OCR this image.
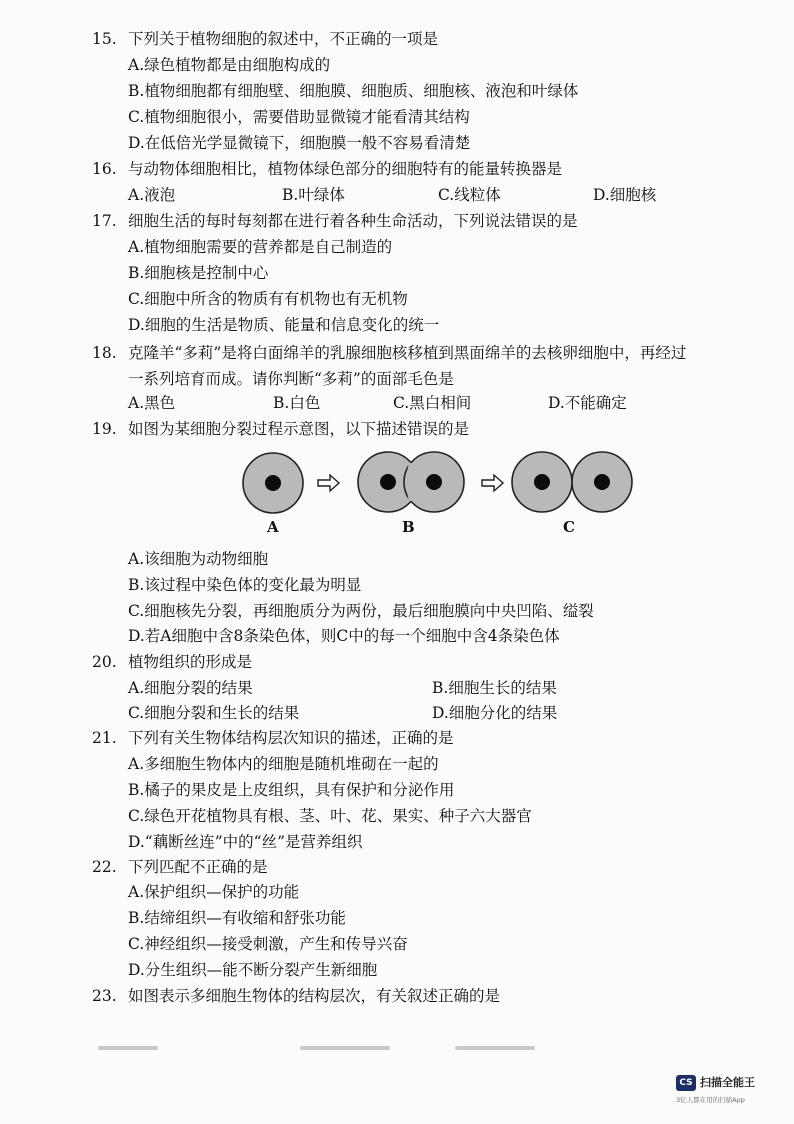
15. 下列关于植物细胞的叙述中，不正确的一项是
A.绿色植物都是由细胞构成的
B.植物细胞都有细胞壁、细胞膜、细胞质、细胞核、液泡和叶绿体
C.植物细胞很小，需要借助显微镜才能看清其结构
D.在低倍光学显微镜下，细胞膜一般不容易看清楚
16. 与动物体细胞相比，植物体绿色部分的细胞特有的能量转换器是
A.液泡	B.叶绿体	C.线粒体	D.细胞核
17. 细胞生活的每时每刻都在进行着各种生命活动，下列说法错误的是
A.植物细胞需要的营养都是自己制造的
B.细胞核是控制中心
C.细胞中所含的物质有有机物也有无机物
D.细胞的生活是物质、能量和信息变化的统一
18. 克隆羊“多莉”是将白面绵羊的乳腺细胞核移植到黑面绵羊的去核卵细胞中，再经过
一系列培育而成。请你判断“多莉”的面部毛色是
A.黑色	B.白色	C.黑白相间	D.不能确定
19. 如图为某细胞分裂过程示意图，以下描述错误的是
A	B	C
A.该细胞为动物细胞
B.该过程中染色体的变化最为明显
C.细胞核先分裂，再细胞质分为两份，最后细胞膜向中央凹陷、缢裂
D.若A细胞中含8条染色体，则C中的每一个细胞中含4条染色体
20. 植物组织的形成是
A.细胞分裂的结果	B.细胞生长的结果
C.细胞分裂和生长的结果	D.细胞分化的结果
21. 下列有关生物体结构层次知识的描述，正确的是
A.多细胞生物体内的细胞是随机堆砌在一起的
B.橘子的果皮是上皮组织，具有保护和分泌作用
C.绿色开花植物具有根、茎、叶、花、果实、种子六大器官
D.“藕断丝连”中的“丝”是营养组织
22. 下列匹配不正确的是
A.保护组织—保护的功能
B.结缔组织—有收缩和舒张功能
C.神经组织—接受刺激，产生和传导兴奋
D.分生组织—能不断分裂产生新细胞
23. 如图表示多细胞生物体的结构层次，有关叙述正确的是
CS 扫描全能王
3亿人都在用的扫描App
